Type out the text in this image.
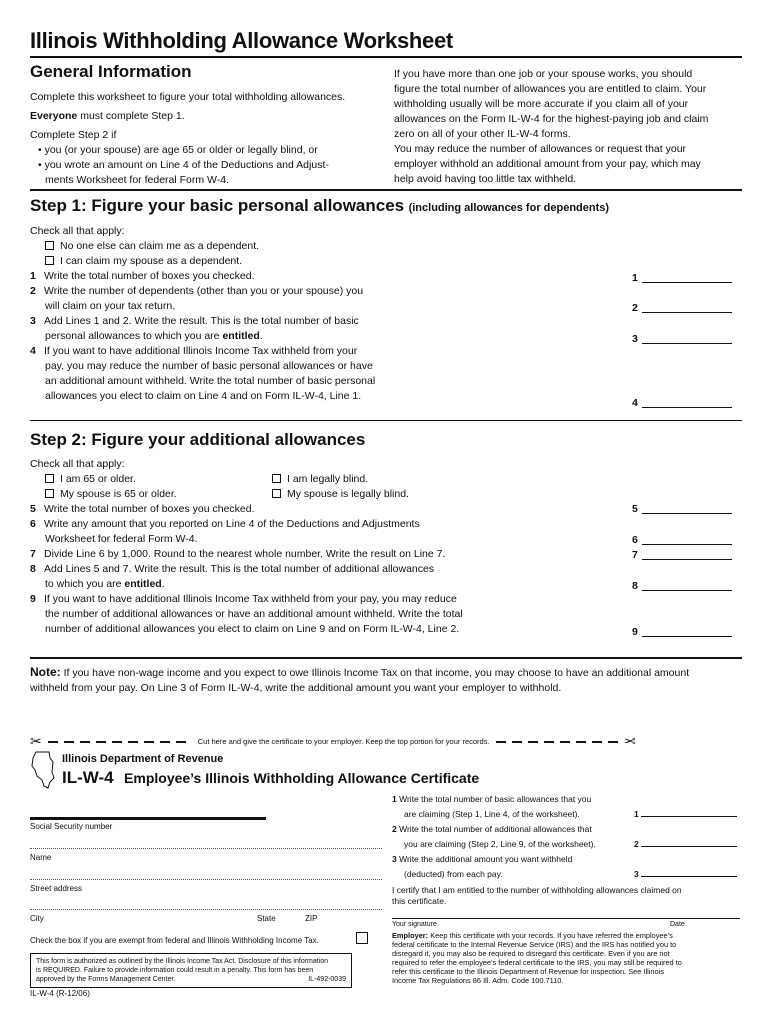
Illinois Withholding Allowance Worksheet
General Information
Complete this worksheet to figure your total withholding allowances.
Everyone must complete Step 1.
Complete Step 2 if
• you (or your spouse) are age 65 or older or legally blind, or
• you wrote an amount on Line 4 of the Deductions and Adjust-
ments Worksheet for federal Form W-4.
If you have more than one job or your spouse works, you should
figure the total number of allowances you are entitled to claim. Your
withholding usually will be more accurate if you claim all of your
allowances on the Form IL-W-4 for the highest-paying job and claim
zero on all of your other IL-W-4 forms.
You may reduce the number of allowances or request that your
employer withhold an additional amount from your pay, which may
help avoid having too little tax withheld.
Step 1: Figure your basic personal allowances (including allowances for dependents)
Check all that apply:
No one else can claim me as a dependent.
I can claim my spouse as a dependent.
1 Write the total number of boxes you checked.
2 Write the number of dependents (other than you or your spouse) you
will claim on your tax return.
3 Add Lines 1 and 2. Write the result. This is the total number of basic
personal allowances to which you are entitled.
4 If you want to have additional Illinois Income Tax withheld from your
pay, you may reduce the number of basic personal allowances or have
an additional amount withheld. Write the total number of basic personal
allowances you elect to claim on Line 4 and on Form IL-W-4, Line 1.
1
2
3
4
Step 2: Figure your additional allowances
Check all that apply:
I am 65 or older.	I am legally blind.
My spouse is 65 or older.	My spouse is legally blind.
5 Write the total number of boxes you checked.
6 Write any amount that you reported on Line 4 of the Deductions and Adjustments
Worksheet for federal Form W-4.
7 Divide Line 6 by 1,000. Round to the nearest whole number. Write the result on Line 7.
8 Add Lines 5 and 7. Write the result. This is the total number of additional allowances
to which you are entitled.
9 If you want to have additional Illinois Income Tax withheld from your pay, you may reduce
the number of additional allowances or have an additional amount withheld. Write the total
number of additional allowances you elect to claim on Line 9 and on Form IL-W-4, Line 2.
5
6
7
8
9
Note: If you have non-wage income and you expect to owe Illinois Income Tax on that income, you may choose to have an additional amount
withheld from your pay. On Line 3 of Form IL-W-4, write the additional amount you want your employer to withhold.
✂	Cut here and give the certificate to your employer. Keep the top portion for your records.	✂
Illinois Department of Revenue
IL-W-4 Employee’s Illinois Withholding Allowance Certificate
Social Security number
Name
Street address
City	State	ZIP
Check the box if you are exempt from federal and Illinois Withholding Income Tax.
This form is authorized as outlined by the Illinois Income Tax Act. Disclosure of this information
is REQUIRED. Failure to provide information could result in a penalty. This form has been
approved by the Forms Management Center.	IL-492-0039
IL-W-4 (R-12/06)
1 Write the total number of basic allowances that you
are claiming (Step 1, Line 4, of the worksheet).	1
2 Write the total number of additional allowances that
you are claiming (Step 2, Line 9, of the worksheet).	2
3 Write the additional amount you want withheld
(deducted) from each pay.	3
I certify that I am entitled to the number of withholding allowances claimed on
this certificate.
Your signature	Date
Employer: Keep this certificate with your records. If you have referred the employee’s
federal certificate to the Internal Revenue Service (IRS) and the IRS has notified you to
disregard it, you may also be required to disregard this certificate. Even if you are not
required to refer the employee’s federal certificate to the IRS, you may still be required to
refer this certificate to the Illinois Department of Revenue for inspection. See Illinois
Income Tax Regulations 86 Ill. Adm. Code 100.7110.
